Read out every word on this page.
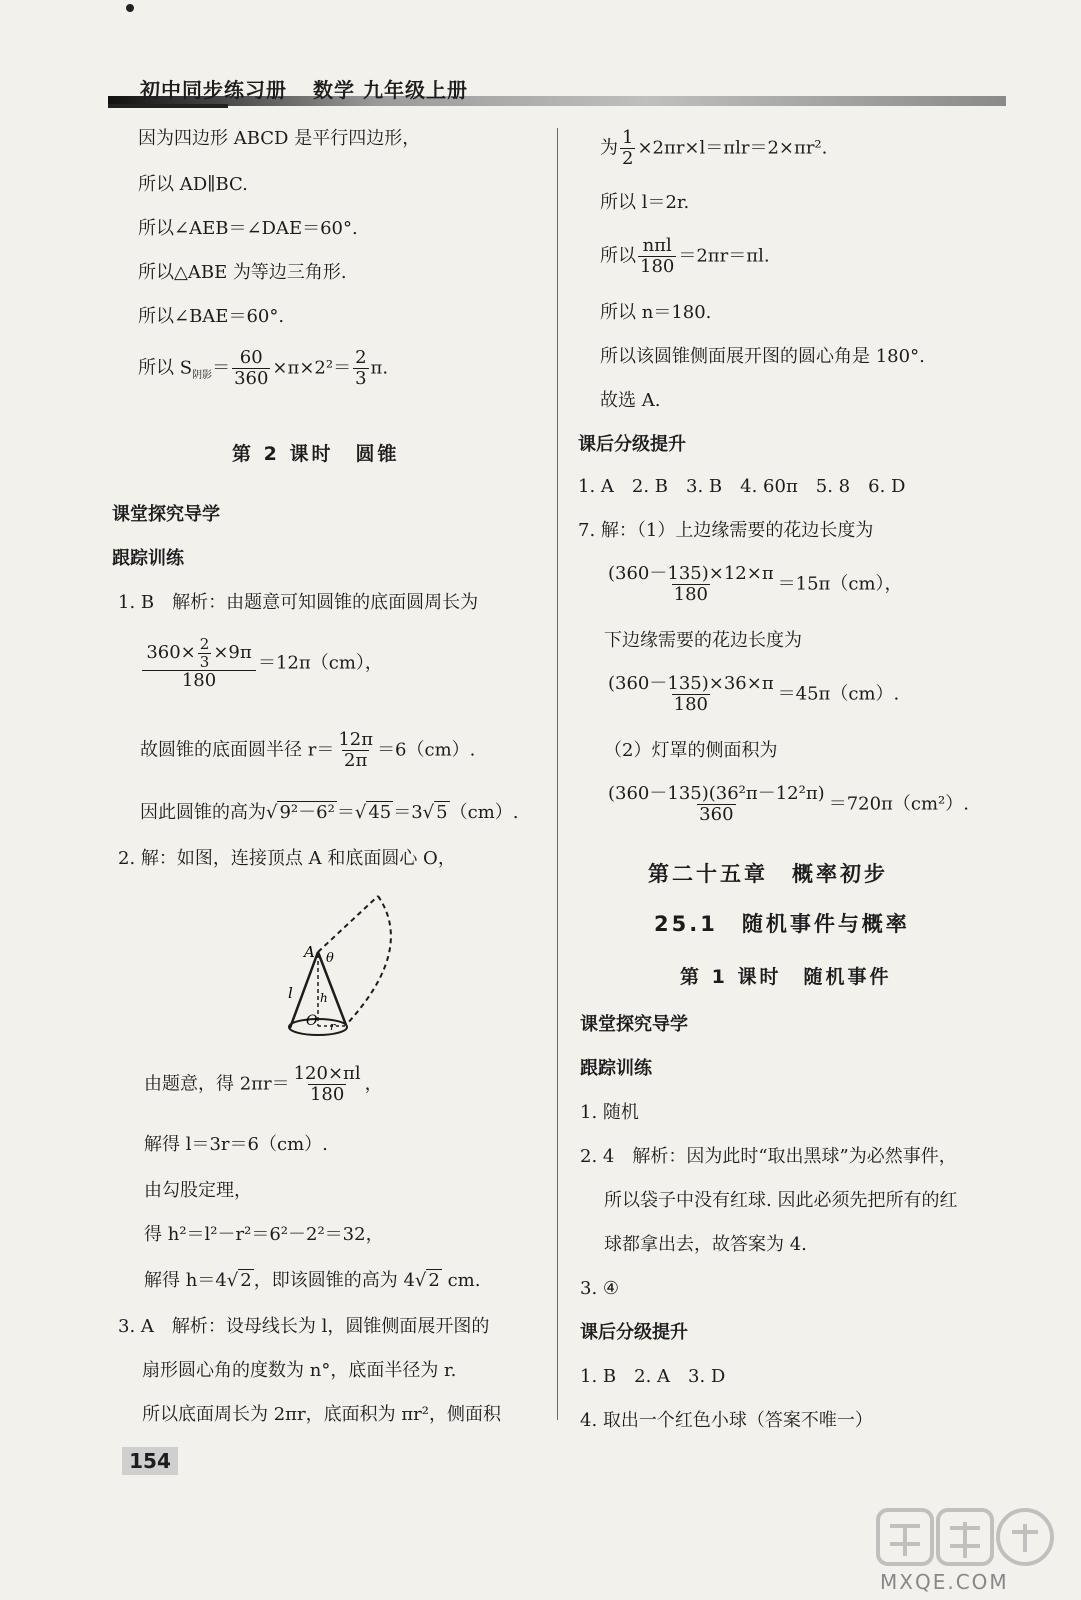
初中同步练习册 数学 九年级上册
因为四边形 ABCD 是平行四边形，
所以 AD∥BC.
所以∠AEB＝∠DAE＝60°.
所以△ABE 为等边三角形.
所以∠BAE＝60°.
所以 $S_{阴影}= \frac{60}{360} \times\pi\times 2^2= \frac{2}{3} \pi$.
第 2 课时　圆锥
课堂探究导学
跟踪训练
1. B　解析：由题意可知圆锥的底面圆周长为
$\frac{360\times \frac{2}{3} \times 9\pi}{180} =12\pi(cm)$，
故圆锥的底面圆半径 $r= \frac{12\pi}{2\pi} =6(cm)$.
因此圆锥的高为√ 9²－6² ＝√ 45 ＝3√ 5 （cm）.
2. 解：如图，连接顶点 A 和底面圆心 O，
A θ
l h
O r
由题意，得 $2\pi r= \frac{120\times\pi l}{180}$ ，
解得 l＝3r＝6（cm）.
由勾股定理，
得 h²＝l²－r²＝6²－2²＝32，
解得 h＝4√ 2 ，即该圆锥的高为 4√ 2 cm.
3. A　解析：设母线长为 l，圆锥侧面展开图的
扇形圆心角的度数为 n°，底面半径为 r.
所以底面周长为 2πr，底面积为 πr²，侧面积
为 $\frac{1}{2} \times 2\pi r\times l=\pi lr=2\times\pi r^2$.
所以 l＝2r.
所以 $\frac{\text{nπl}}{180} =2\pi r=\pi l$.
所以 n＝180.
所以该圆锥侧面展开图的圆心角是 180°.
故选 A.
课后分级提升
1. A　2. B　3. B　4. 60π　5. 8　6. D
7. 解：（1）上边缘需要的花边长度为
$\frac{(360-135)\times 12\times\pi}{180} =15\pi(cm)$，
下边缘需要的花边长度为
$\frac{(360-135)\times 36\times\pi}{180} =45\pi(cm)$.
（2）灯罩的侧面积为
$\frac{\text{(360－135)(36²π－12²π)}}{360} =720\pi(cm^2)$.
第二十五章　概率初步
25.1　随机事件与概率
第 1 课时　随机事件
课堂探究导学
跟踪训练
1. 随机
2. 4　解析：因为此时“取出黑球”为必然事件，
所以袋子中没有红球. 因此必须先把所有的红
球都拿出去，故答案为 4.
3. ④
课后分级提升
1. B　2. A　3. D
4. 取出一个红色小球（答案不唯一）
154
MXQE.COM
